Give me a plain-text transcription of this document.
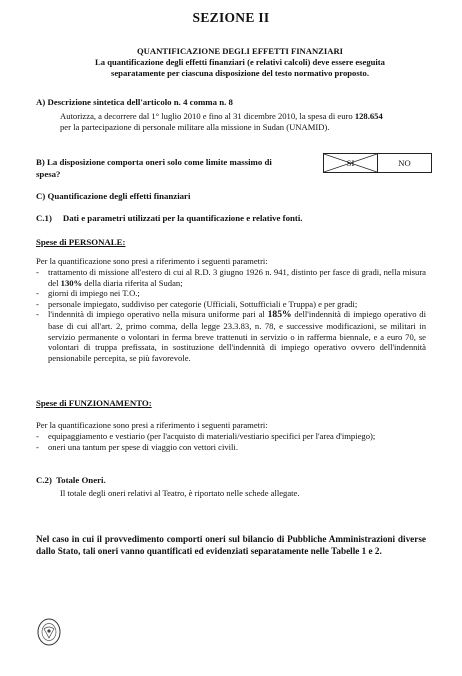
SEZIONE II
QUANTIFICAZIONE DEGLI EFFETTI FINANZIARI
La quantificazione degli effetti finanziari (e relativi calcoli) deve essere eseguita
separatamente per ciascuna disposizione del testo normativo proposto.
A) Descrizione sintetica dell'articolo n. 4 comma n. 8
Autorizza, a decorrere dal 1° luglio 2010 e fino al 31 dicembre 2010, la spesa di euro 128.654
per la partecipazione di personale militare alla missione in Sudan (UNAMID).
B) La disposizione comporta oneri solo come limite massimo di
spesa?
SI	NO
C) Quantificazione degli effetti finanziari
C.1)     Dati e parametri utilizzati per la quantificazione e relative fonti.
Spese di PERSONALE:
Per la quantificazione sono presi a riferimento i seguenti parametri:
- trattamento di missione all'estero di cui al R.D. 3 giugno 1926 n. 941, distinto per fasce di gradi, nella misura del 130% della diaria riferita al Sudan;
- giorni di impiego nei T.O.;
- personale impiegato, suddiviso per categorie (Ufficiali, Sottufficiali e Truppa) e per gradi;
- l'indennità di impiego operativo nella misura uniforme pari al 185% dell'indennità di impiego operativo di base di cui all'art. 2, primo comma, della legge 23.3.83, n. 78, e successive modificazioni, se militari in servizio permanente o volontari in ferma breve trattenuti in servizio o in rafferma biennale, e a euro 70, se volontari di truppa prefissata, in sostituzione dell'indennità di impiego operativo ovvero dell'indennità pensionabile percepita, se più favorevole.
Spese di FUNZIONAMENTO:
Per la quantificazione sono presi a riferimento i seguenti parametri:
- equipaggiamento e vestiario (per l'acquisto di materiali/vestiario specifici per l'area d'impiego);
- oneri una tantum per spese di viaggio con vettori civili.
C.2)  Totale Oneri.
Il totale degli oneri relativi al Teatro, è riportato nelle schede allegate.
Nel caso in cui il provvedimento comporti oneri sul bilancio di Pubbliche Amministrazioni diverse dallo Stato, tali oneri vanno quantificati ed evidenziati separatamente nelle Tabelle 1 e 2.
